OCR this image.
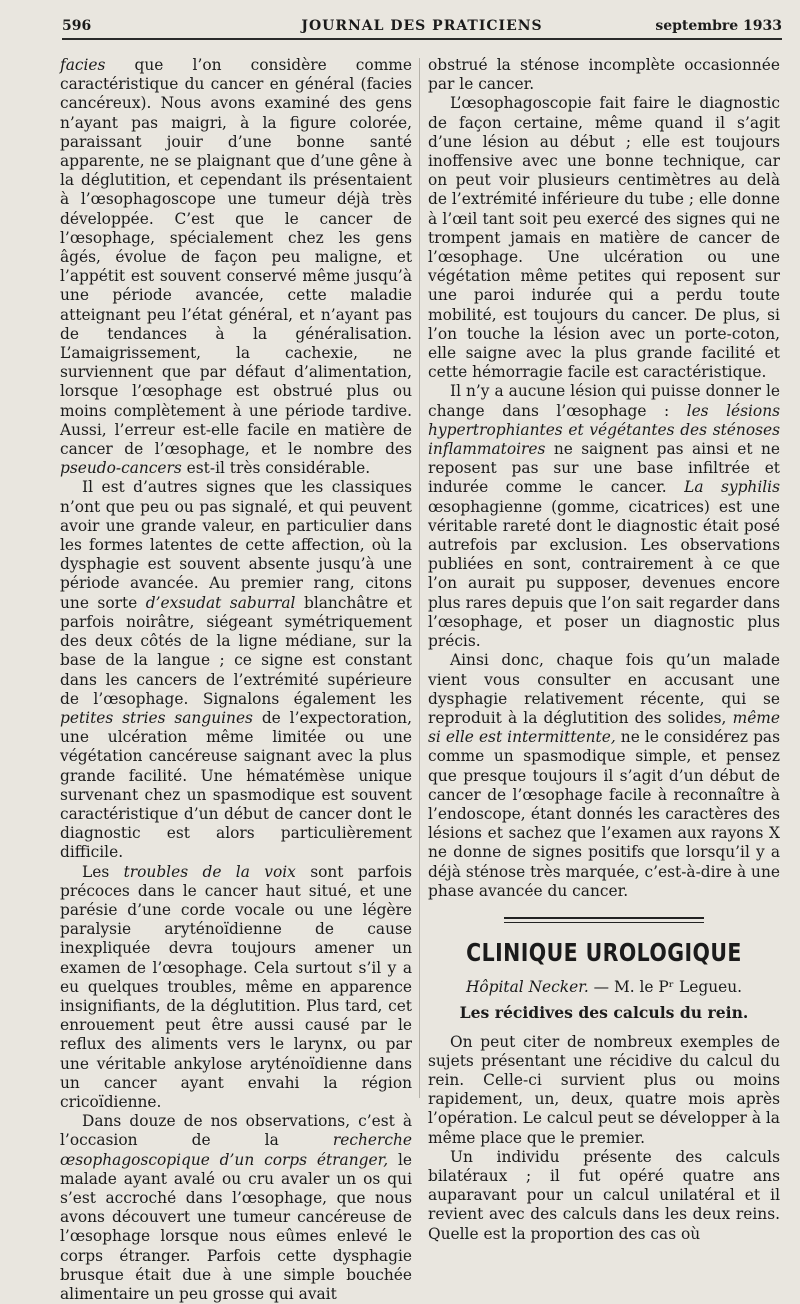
596	JOURNAL DES PRATICIENS	septembre 1933

facies que l’on considère comme caractéristique du cancer en général (facies cancéreux). Nous avons examiné des gens n’ayant pas maigri, à la figure colorée, paraissant jouir d’une bonne santé apparente, ne se plaignant que d’une gêne à la déglutition, et cependant ils présentaient à l’œsophagoscope une tumeur déjà très développée. C’est que le cancer de l’œsophage, spécialement chez les gens âgés, évolue de façon peu maligne, et l’appétit est souvent conservé même jusqu’à une période avancée, cette maladie atteignant peu l’état général, et n’ayant pas de tendances à la généralisation. L’amaigrissement, la cachexie, ne surviennent que par défaut d’alimentation, lorsque l’œsophage est obstrué plus ou moins complètement à une période tardive. Aussi, l’erreur est-elle facile en matière de cancer de l’œsophage, et le nombre des pseudo-cancers est-il très considérable.

Il est d’autres signes que les classiques n’ont que peu ou pas signalé, et qui peuvent avoir une grande valeur, en particulier dans les formes latentes de cette affection, où la dysphagie est souvent absente jusqu’à une période avancée. Au premier rang, citons une sorte d’exsudat saburral blanchâtre et parfois noirâtre, siégeant symétriquement des deux côtés de la ligne médiane, sur la base de la langue ; ce signe est constant dans les cancers de l’extrémité supérieure de l’œsophage. Signalons également les petites stries sanguines de l’expectoration, une ulcération même limitée ou une végétation cancéreuse saignant avec la plus grande facilité. Une hématémèse unique survenant chez un spasmodique est souvent caractéristique d’un début de cancer dont le diagnostic est alors particulièrement difficile.

Les troubles de la voix sont parfois précoces dans le cancer haut situé, et une parésie d’une corde vocale ou une légère paralysie aryténoïdienne de cause inexpliquée devra toujours amener un examen de l’œsophage. Cela surtout s’il y a eu quelques troubles, même en apparence insignifiants, de la déglutition. Plus tard, cet enrouement peut être aussi causé par le reflux des aliments vers le larynx, ou par une véritable ankylose aryténoïdienne dans un cancer ayant envahi la région cricoïdienne.

Dans douze de nos observations, c’est à l’occasion de la recherche œsophagoscopique d’un corps étranger, le malade ayant avalé ou cru avaler un os qui s’est accroché dans l’œsophage, que nous avons découvert une tumeur cancéreuse de l’œsophage lorsque nous eûmes enlevé le corps étranger. Parfois cette dysphagie brusque était due à une simple bouchée alimentaire un peu grosse qui avait

obstrué la sténose incomplète occasionnée par le cancer.

L’œsophagoscopie fait faire le diagnostic de façon certaine, même quand il s’agit d’une lésion au début ; elle est toujours inoffensive avec une bonne technique, car on peut voir plusieurs centimètres au delà de l’extrémité inférieure du tube ; elle donne à l’œil tant soit peu exercé des signes qui ne trompent jamais en matière de cancer de l’œsophage. Une ulcération ou une végétation même petites qui reposent sur une paroi indurée qui a perdu toute mobilité, est toujours du cancer. De plus, si l’on touche la lésion avec un porte-coton, elle saigne avec la plus grande facilité et cette hémorragie facile est caractéristique.

Il n’y a aucune lésion qui puisse donner le change dans l’œsophage : les lésions hypertrophiantes et végétantes des sténoses inflammatoires ne saignent pas ainsi et ne reposent pas sur une base infiltrée et indurée comme le cancer. La syphilis œsophagienne (gomme, cicatrices) est une véritable rareté dont le diagnostic était posé autrefois par exclusion. Les observations publiées en sont, contrairement à ce que l’on aurait pu supposer, devenues encore plus rares depuis que l’on sait regarder dans l’œsophage, et poser un diagnostic plus précis.

Ainsi donc, chaque fois qu’un malade vient vous consulter en accusant une dysphagie relativement récente, qui se reproduit à la déglutition des solides, même si elle est intermittente, ne le considérez pas comme un spasmodique simple, et pensez que presque toujours il s’agit d’un début de cancer de l’œsophage facile à reconnaître à l’endoscope, étant donnés les caractères des lésions et sachez que l’examen aux rayons X ne donne de signes positifs que lorsqu’il y a déjà sténose très marquée, c’est-à-dire à une phase avancée du cancer.

CLINIQUE UROLOGIQUE
Hôpital Necker. — M. le Pʳ Legueu.
Les récidives des calculs du rein.

On peut citer de nombreux exemples de sujets présentant une récidive du calcul du rein. Celle-ci survient plus ou moins rapidement, un, deux, quatre mois après l’opération. Le calcul peut se développer à la même place que le premier.

Un individu présente des calculs bilatéraux ; il fut opéré quatre ans auparavant pour un calcul unilatéral et il revient avec des calculs dans les deux reins. Quelle est la proportion des cas où
